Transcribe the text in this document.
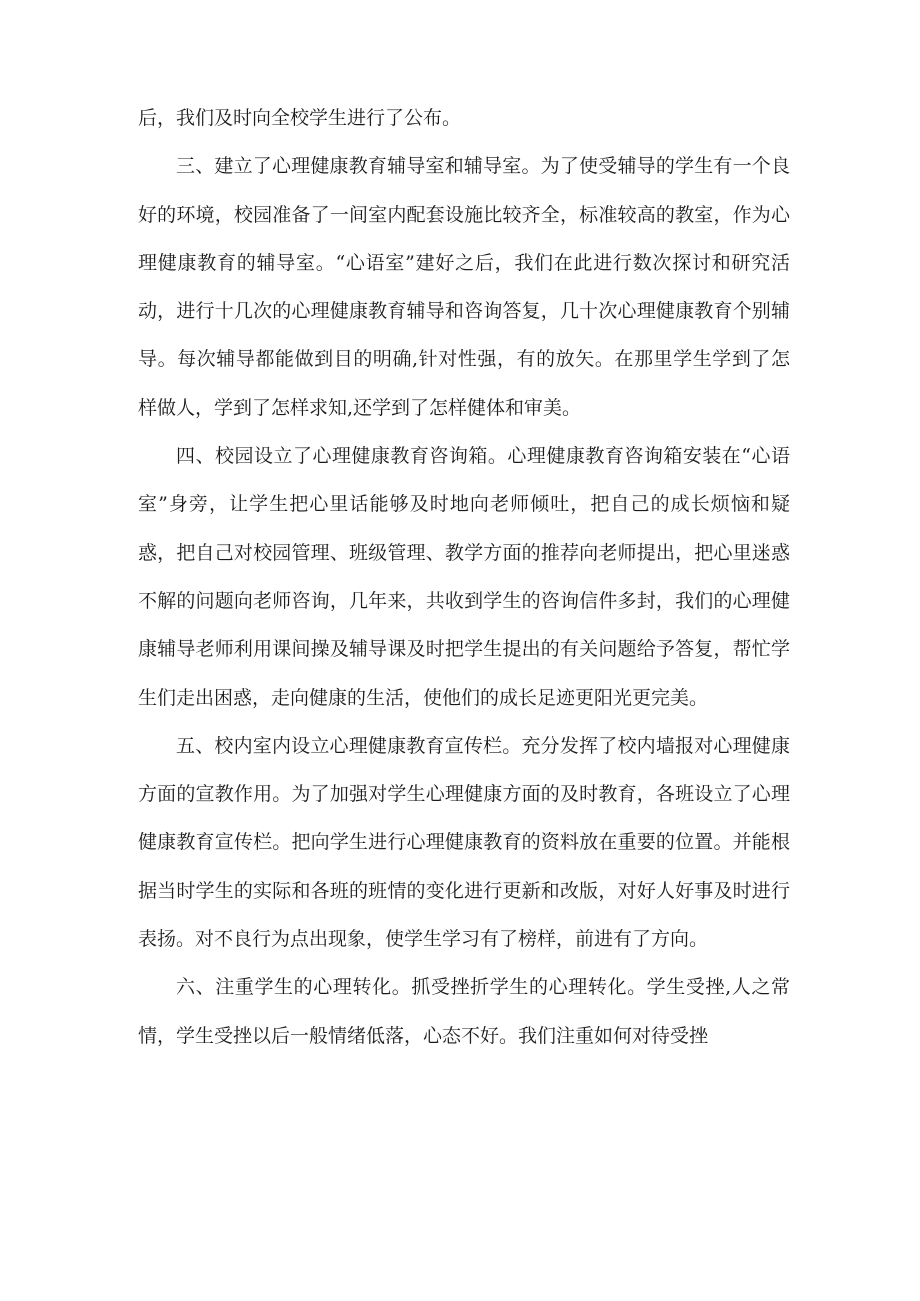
后，我们及时向全校学生进行了公布。

三、建立了心理健康教育辅导室和辅导室。为了使受辅导的学生有一个良好的环境，校园准备了一间室内配套设施比较齐全，标准较高的教室，作为心理健康教育的辅导室。“心语室”建好之后，我们在此进行数次探讨和研究活动，进行十几次的心理健康教育辅导和咨询答复，几十次心理健康教育个别辅导。每次辅导都能做到目的明确,针对性强，有的放矢。在那里学生学到了怎样做人，学到了怎样求知,还学到了怎样健体和审美。

四、校园设立了心理健康教育咨询箱。心理健康教育咨询箱安装在“心语室”身旁，让学生把心里话能够及时地向老师倾吐，把自己的成长烦恼和疑惑，把自己对校园管理、班级管理、教学方面的推荐向老师提出，把心里迷惑不解的问题向老师咨询，几年来，共收到学生的咨询信件多封，我们的心理健康辅导老师利用课间操及辅导课及时把学生提出的有关问题给予答复，帮忙学生们走出困惑，走向健康的生活，使他们的成长足迹更阳光更完美。

五、校内室内设立心理健康教育宣传栏。充分发挥了校内墙报对心理健康方面的宣教作用。为了加强对学生心理健康方面的及时教育，各班设立了心理健康教育宣传栏。把向学生进行心理健康教育的资料放在重要的位置。并能根据当时学生的实际和各班的班情的变化进行更新和改版，对好人好事及时进行表扬。对不良行为点出现象，使学生学习有了榜样，前进有了方向。

六、注重学生的心理转化。抓受挫折学生的心理转化。学生受挫,人之常情，学生受挫以后一般情绪低落，心态不好。我们注重如何对待受挫
